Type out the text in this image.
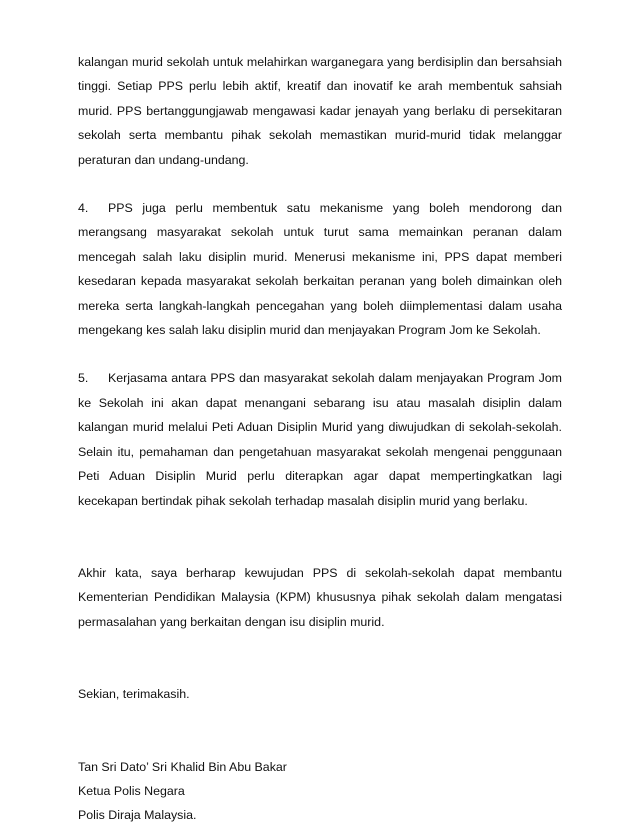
kalangan murid sekolah untuk melahirkan warganegara yang berdisiplin dan bersahsiah tinggi. Setiap PPS perlu lebih aktif, kreatif dan inovatif ke arah membentuk sahsiah murid. PPS bertanggungjawab mengawasi kadar jenayah yang berlaku di persekitaran sekolah serta membantu pihak sekolah memastikan murid-murid tidak melanggar peraturan dan undang-undang.

4. PPS juga perlu membentuk satu mekanisme yang boleh mendorong dan merangsang masyarakat sekolah untuk turut sama memainkan peranan dalam mencegah salah laku disiplin murid. Menerusi mekanisme ini, PPS dapat memberi kesedaran kepada masyarakat sekolah berkaitan peranan yang boleh dimainkan oleh mereka serta langkah-langkah pencegahan yang boleh diimplementasi dalam usaha mengekang kes salah laku disiplin murid dan menjayakan Program Jom ke Sekolah.

5. Kerjasama antara PPS dan masyarakat sekolah dalam menjayakan Program Jom ke Sekolah ini akan dapat menangani sebarang isu atau masalah disiplin dalam kalangan murid melalui Peti Aduan Disiplin Murid yang diwujudkan di sekolah-sekolah. Selain itu, pemahaman dan pengetahuan masyarakat sekolah mengenai penggunaan Peti Aduan Disiplin Murid perlu diterapkan agar dapat mempertingkatkan lagi kecekapan bertindak pihak sekolah terhadap masalah disiplin murid yang berlaku.

Akhir kata, saya berharap kewujudan PPS di sekolah-sekolah dapat membantu Kementerian Pendidikan Malaysia (KPM) khususnya pihak sekolah dalam mengatasi permasalahan yang berkaitan dengan isu disiplin murid.

Sekian, terimakasih.
Tan Sri Dato’ Sri Khalid Bin Abu Bakar
Ketua Polis Negara
Polis Diraja Malaysia.
